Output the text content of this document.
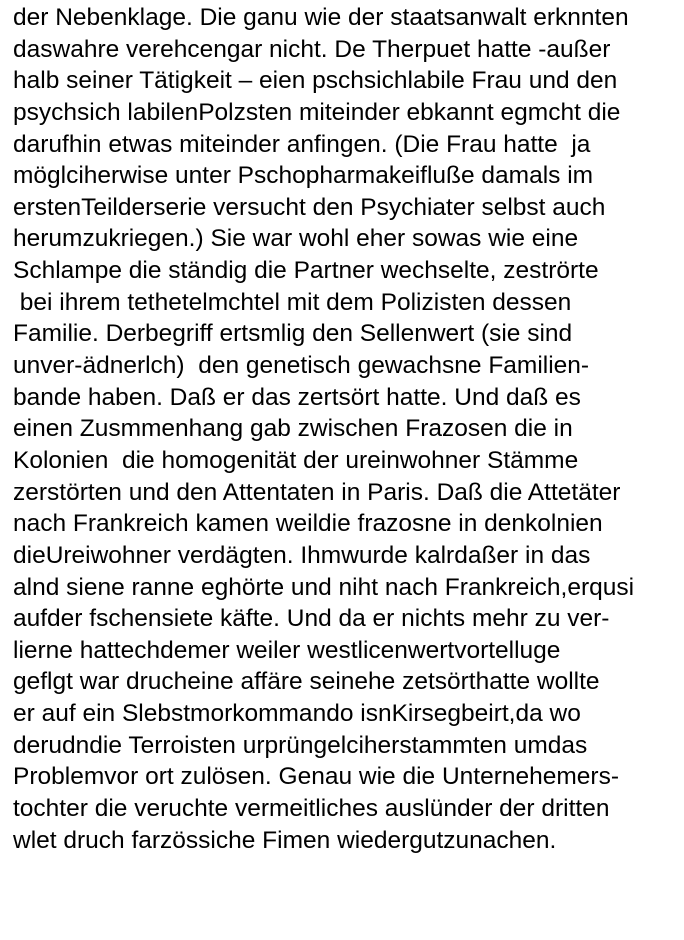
der Nebenklage. Die ganu wie der staatsanwalt erknnten
daswahre verehcengar nicht. De Therpuet hatte -außer
halb seiner Tätigkeit – eien pschsichlabile Frau und den
psychsich labilenPolzsten miteinder ebkannt egmcht die
darufhin etwas miteinder anfingen. (Die Frau hatte  ja
möglciherwise unter Pschopharmakeifluße damals im
erstenTeilderserie versucht den Psychiater selbst auch
herumzukriegen.) Sie war wohl eher sowas wie eine
Schlampe die ständig die Partner wechselte, zeströrte
bei ihrem tethetelmchtel mit dem Polizisten dessen
Familie. Derbegriff ertsmlig den Sellenwert (sie sind
unver-ädnerlch)  den genetisch gewachsne Familien-
bande haben. Daß er das zertsört hatte. Und daß es
einen Zusmmenhang gab zwischen Frazosen die in
Kolonien  die homogenität der ureinwohner Stämme
zerstörten und den Attentaten in Paris. Daß die Attetäter
nach Frankreich kamen weildie frazosne in denkolnien
dieUreiwohner verdägten. Ihmwurde kalrdaßer in das
alnd siene ranne eghörte und niht nach Frankreich,erqusi
aufder fschensiete käfte. Und da er nichts mehr zu ver-
lierne hattechdemer weiler westlicenwertvortelluge
geflgt war drucheine affäre seinehe zetsörthatte wollte
er auf ein Slebstmorkommando isnKirsegbeirt,da wo
derudndie Terroisten urprüngelciherstammten umdas
Problemvor ort zulösen. Genau wie die Unternehemers-
tochter die veruchte vermeitliches auslünder der dritten
wlet druch farzössiche Fimen wiedergutzunachen.
